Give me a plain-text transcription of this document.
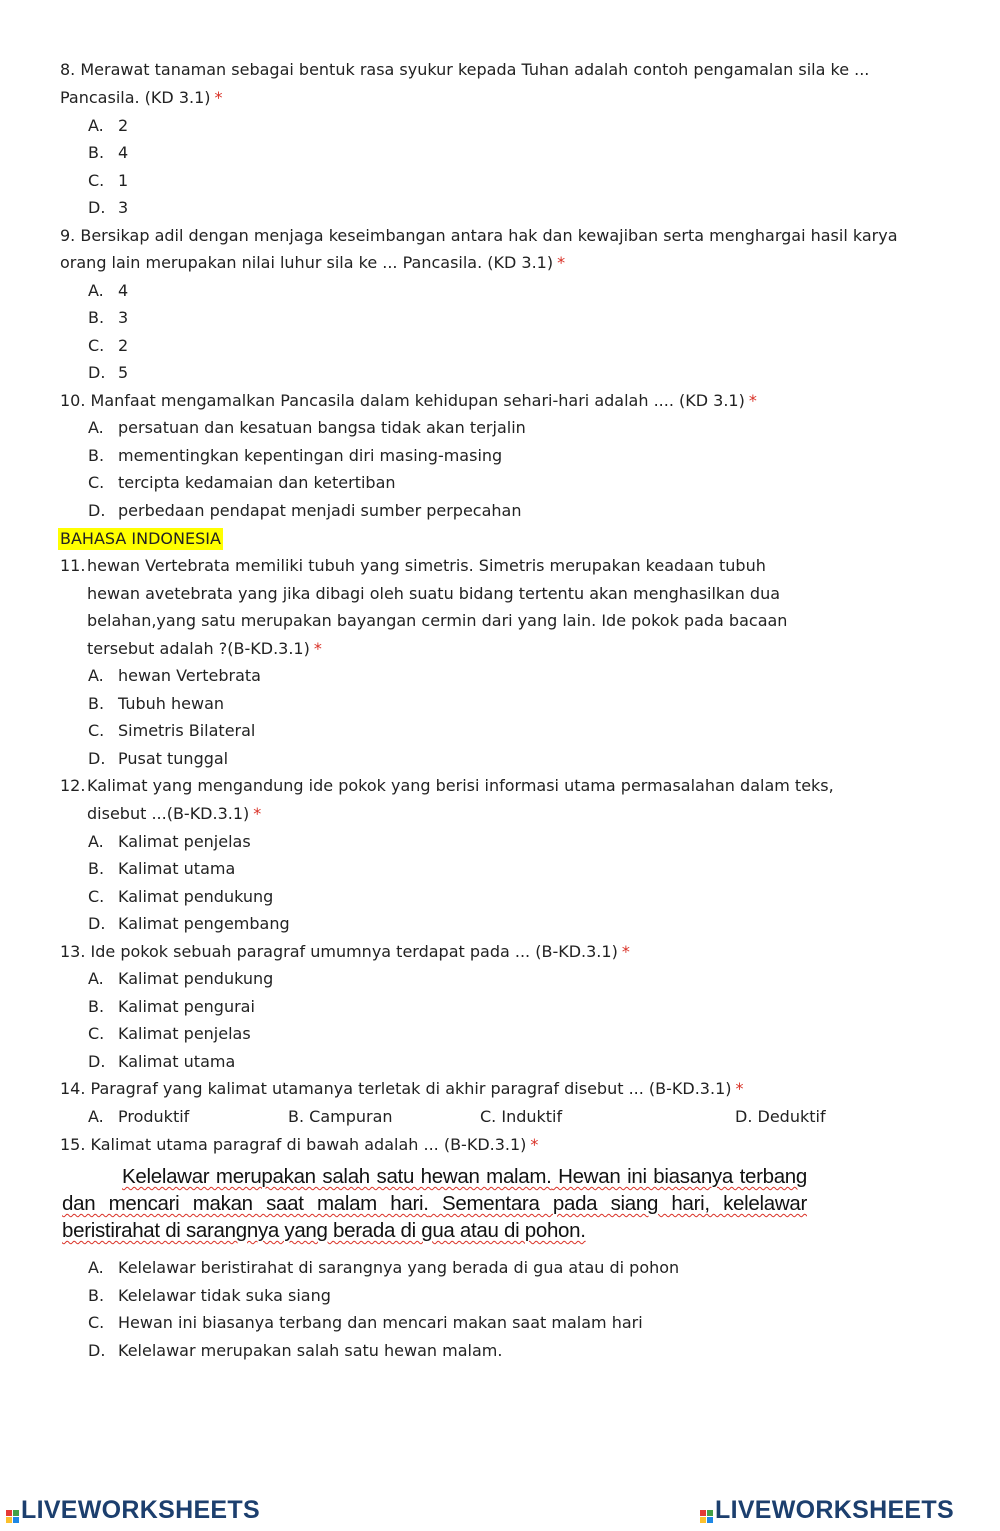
8. Merawat tanaman sebagai bentuk rasa syukur kepada Tuhan adalah contoh pengamalan sila ke ...
Pancasila. (KD 3.1) *
A. 2
B. 4
C. 1
D. 3
9. Bersikap adil dengan menjaga keseimbangan antara hak dan kewajiban serta menghargai hasil karya
orang lain merupakan nilai luhur sila ke ... Pancasila. (KD 3.1) *
A. 4
B. 3
C. 2
D. 5
10. Manfaat mengamalkan Pancasila dalam kehidupan sehari-hari adalah .... (KD 3.1) *
A. persatuan dan kesatuan bangsa tidak akan terjalin
B. mementingkan kepentingan diri masing-masing
C. tercipta kedamaian dan ketertiban
D. perbedaan pendapat menjadi sumber perpecahan
BAHASA INDONESIA
11. hewan Vertebrata memiliki tubuh yang simetris. Simetris merupakan keadaan tubuh
hewan avetebrata yang jika dibagi oleh suatu bidang tertentu akan menghasilkan dua
belahan,yang satu merupakan bayangan cermin dari yang lain. Ide pokok pada bacaan
tersebut adalah ?(B-KD.3.1) *
A. hewan Vertebrata
B. Tubuh hewan
C. Simetris Bilateral
D. Pusat tunggal
12. Kalimat yang mengandung ide pokok yang berisi informasi utama permasalahan dalam teks,
disebut ...(B-KD.3.1) *
A. Kalimat penjelas
B. Kalimat utama
C. Kalimat pendukung
D. Kalimat pengembang
13. Ide pokok sebuah paragraf umumnya terdapat pada ... (B-KD.3.1) *
A. Kalimat pendukung
B. Kalimat pengurai
C. Kalimat penjelas
D. Kalimat utama
14. Paragraf yang kalimat utamanya terletak di akhir paragraf disebut ... (B-KD.3.1) *
A. Produktif	B. Campuran	C. Induktif	D. Deduktif
15. Kalimat utama paragraf di bawah adalah ... (B-KD.3.1) *
Kelelawar merupakan salah satu hewan malam. Hewan ini biasanya terbang dan mencari makan saat malam hari. Sementara pada siang hari, kelelawar beristirahat di sarangnya yang berada di gua atau di pohon.
A. Kelelawar beristirahat di sarangnya yang berada di gua atau di pohon
B. Kelelawar tidak suka siang
C. Hewan ini biasanya terbang dan mencari makan saat malam hari
D. Kelelawar merupakan salah satu hewan malam.
LIVEWORKSHEETS	LIVEWORKSHEETS
